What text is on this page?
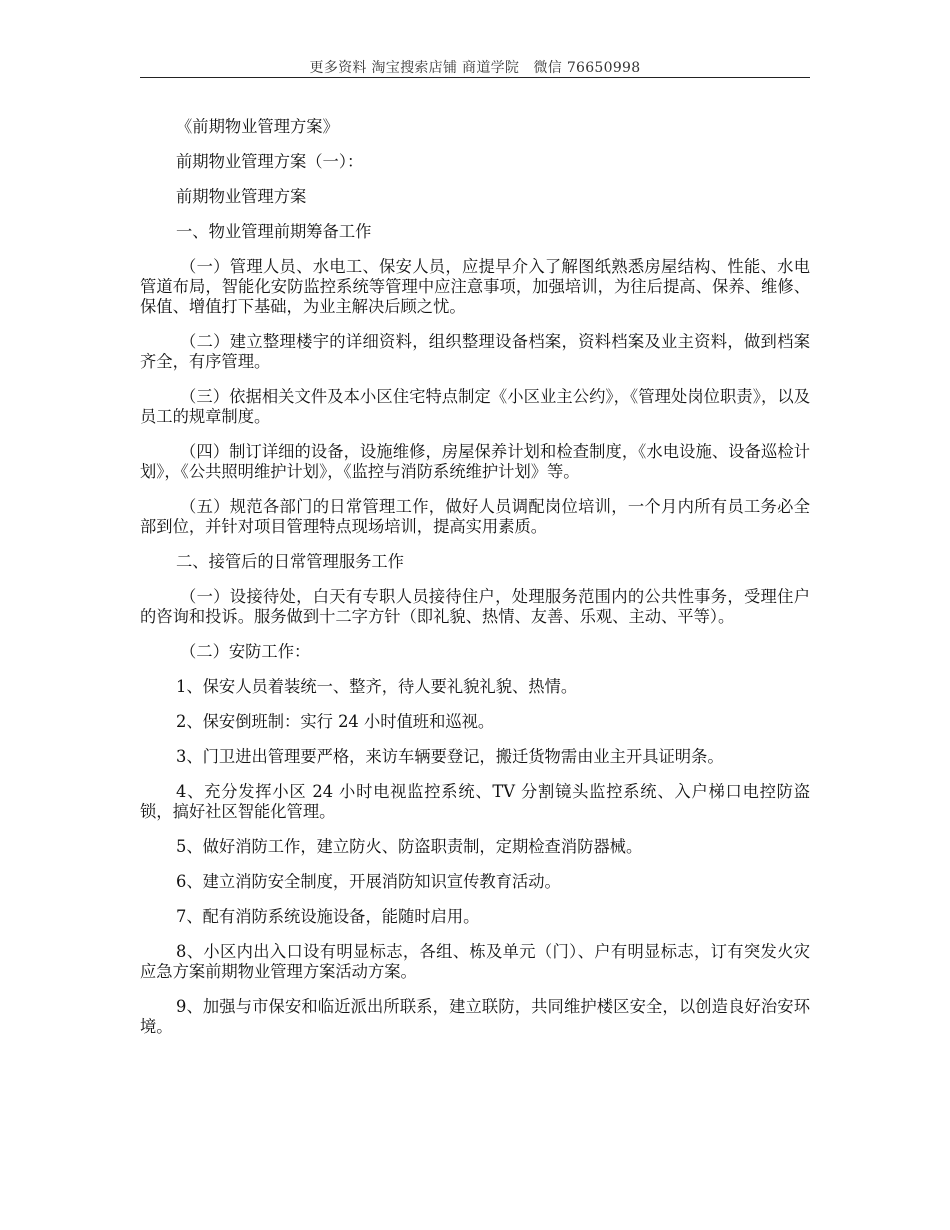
更多资料 淘宝搜索店铺 商道学院   微信 76650998

《前期物业管理方案》

前期物业管理方案（一）：

前期物业管理方案

一、物业管理前期筹备工作

（一）管理人员、水电工、保安人员，应提早介入了解图纸熟悉房屋结构、性能、水电管道布局，智能化安防监控系统等管理中应注意事项，加强培训，为往后提高、保养、维修、保值、增值打下基础，为业主解决后顾之忧。

（二）建立整理楼宇的详细资料，组织整理设备档案，资料档案及业主资料，做到档案齐全，有序管理。

（三）依据相关文件及本小区住宅特点制定《小区业主公约》，《管理处岗位职责》，以及员工的规章制度。

（四）制订详细的设备，设施维修，房屋保养计划和检查制度，《水电设施、设备巡检计划》，《公共照明维护计划》，《监控与消防系统维护计划》等。

（五）规范各部门的日常管理工作，做好人员调配岗位培训，一个月内所有员工务必全部到位，并针对项目管理特点现场培训，提高实用素质。

二、接管后的日常管理服务工作

（一）设接待处，白天有专职人员接待住户，处理服务范围内的公共性事务，受理住户的咨询和投诉。服务做到十二字方针（即礼貌、热情、友善、乐观、主动、平等）。

（二）安防工作：

1、保安人员着装统一、整齐，待人要礼貌礼貌、热情。

2、保安倒班制：实行 24 小时值班和巡视。

3、门卫进出管理要严格，来访车辆要登记，搬迁货物需由业主开具证明条。

4、充分发挥小区 24 小时电视监控系统、TV 分割镜头监控系统、入户梯口电控防盗锁，搞好社区智能化管理。

5、做好消防工作，建立防火、防盗职责制，定期检查消防器械。

6、建立消防安全制度，开展消防知识宣传教育活动。

7、配有消防系统设施设备，能随时启用。

8、小区内出入口设有明显标志，各组、栋及单元（门）、户有明显标志，订有突发火灾应急方案前期物业管理方案活动方案。

9、加强与市保安和临近派出所联系，建立联防，共同维护楼区安全，以创造良好治安环境。
